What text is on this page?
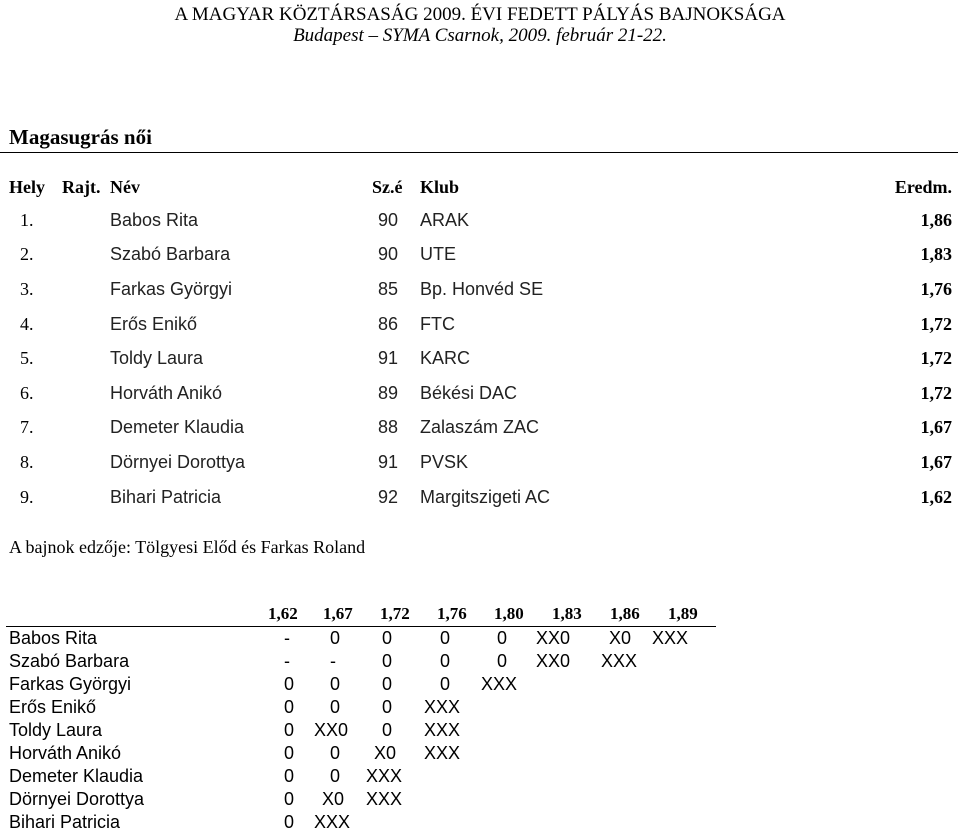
A MAGYAR KÖZTÁRSASÁG 2009. ÉVI FEDETT PÁLYÁS BAJNOKSÁGA
Budapest – SYMA Csarnok, 2009. február 21-22.
Magasugrás női
Hely Rajt. Név	Sz.é Klub	Eredm.
1.	Babos Rita	90 ARAK	1,86
2.	Szabó Barbara	90 UTE	1,83
3.	Farkas Györgyi	85 Bp. Honvéd SE	1,76
4.	Erős Enikő	86 FTC	1,72
5.	Toldy Laura	91 KARC	1,72
6.	Horváth Anikó	89 Békési DAC	1,72
7.	Demeter Klaudia	88 Zalaszám ZAC	1,67
8.	Dörnyei Dorottya	91 PVSK	1,67
9.	Bihari Patricia	92 Margitszigeti AC	1,62
A bajnok edzője: Tölgyesi Előd és Farkas Roland
1,62 1,67 1,72 1,76 1,80 1,83 1,86 1,89
Babos Rita	- 0 0	0	0 XX0 X0 XXX
Szabó Barbara	- -	0	0	0 XX0 XXX
Farkas Györgyi	0 0 0	0 XXX
Erős Enikő	0 0 0 XXX
Toldy Laura	0 XX0 0 XXX
Horváth Anikó	0 0 X0 XXX
Demeter Klaudia	0 0 XXX
Dörnyei Dorottya	0 X0 XXX
Bihari Patricia	0 XXX
